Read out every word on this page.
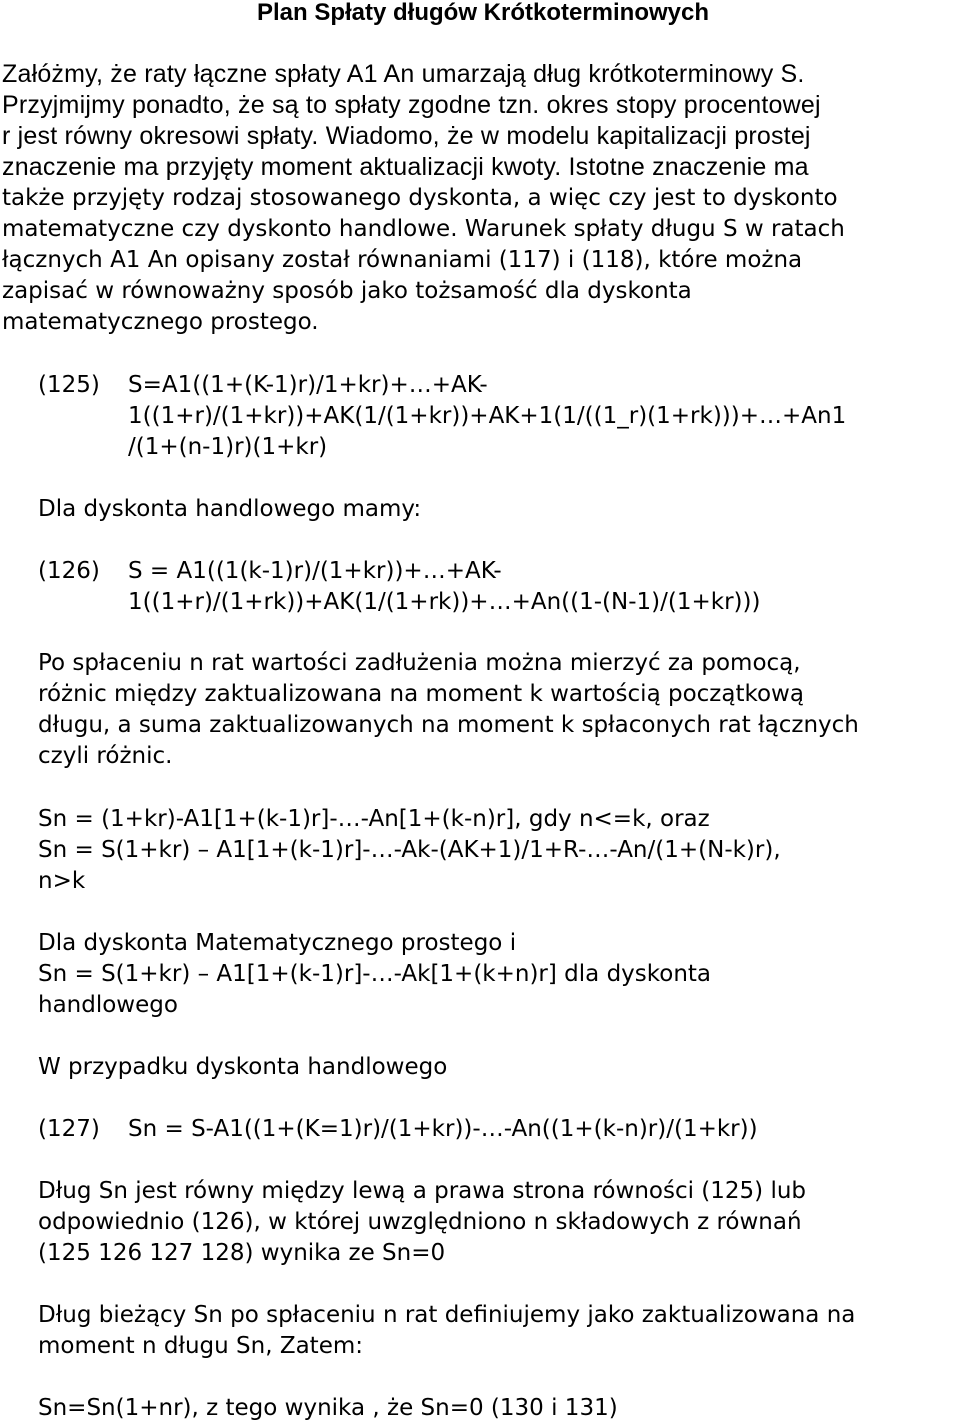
Plan Spłaty długów Krótkoterminowych

Załóżmy, że raty łączne spłaty A1 An umarzają dług krótkoterminowy S.
Przyjmijmy ponadto, że są to spłaty zgodne tzn. okres stopy procentowej
r jest równy okresowi spłaty. Wiadomo, że w modelu kapitalizacji prostej
znaczenie ma przyjęty moment aktualizacji kwoty. Istotne znaczenie ma
także przyjęty rodzaj stosowanego dyskonta, a więc czy jest to dyskonto
matematyczne czy dyskonto handlowe. Warunek spłaty długu S w ratach
łącznych A1 An opisany został równaniami (117) i (118), które można
zapisać w równoważny sposób jako tożsamość dla dyskonta
matematycznego prostego.

(125) S=A1((1+(K-1)r)/1+kr)+…+AK-
1((1+r)/(1+kr))+AK(1/(1+kr))+AK+1(1/((1_r)(1+rk)))+…+An1
/(1+(n-1)r)(1+kr)

Dla dyskonta handlowego mamy:

(126) S = A1((1(k-1)r)/(1+kr))+…+AK-
1((1+r)/(1+rk))+AK(1/(1+rk))+…+An((1-(N-1)/(1+kr)))

Po spłaceniu n rat wartości zadłużenia można mierzyć za pomocą,
różnic między zaktualizowana na moment k wartością początkową
długu, a suma zaktualizowanych na moment k spłaconych rat łącznych
czyli różnic.

Sn = (1+kr)-A1[1+(k-1)r]-…-An[1+(k-n)r], gdy n<=k, oraz
Sn = S(1+kr) – A1[1+(k-1)r]-…-Ak-(AK+1)/1+R-…-An/(1+(N-k)r),
n>k

Dla dyskonta Matematycznego prostego i
Sn = S(1+kr) – A1[1+(k-1)r]-…-Ak[1+(k+n)r] dla dyskonta
handlowego

W przypadku dyskonta handlowego

(127) Sn = S-A1((1+(K=1)r)/(1+kr))-…-An((1+(k-n)r)/(1+kr))

Dług Sn jest równy między lewą a prawa strona równości (125) lub
odpowiednio (126), w której uwzględniono n składowych z równań
(125 126 127 128) wynika ze Sn=0

Dług bieżący Sn po spłaceniu n rat definiujemy jako zaktualizowana na
moment n długu Sn, Zatem:

Sn=Sn(1+nr), z tego wynika , że Sn=0 (130 i 131)
